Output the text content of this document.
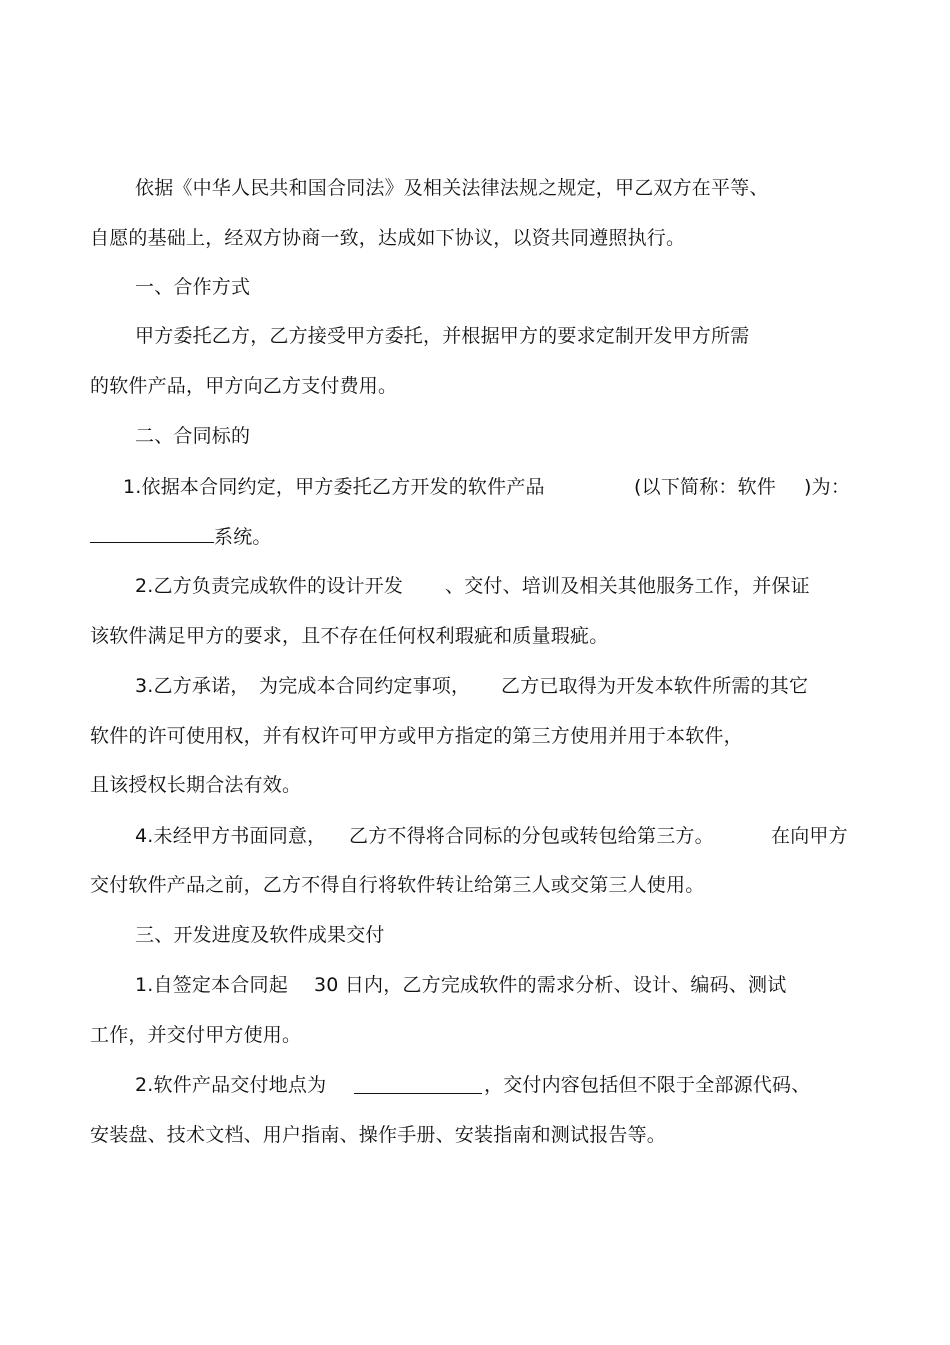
依据《中华人民共和国合同法》及相关法律法规之规定，甲乙双方在平等、
自愿的基础上，经双方协商一致，达成如下协议，以资共同遵照执行。
一、合作方式
甲方委托乙方，乙方接受甲方委托，并根据甲方的要求定制开发甲方所需
的软件产品，甲方向乙方支付费用。
二、合同标的
1.依据本合同约定，甲方委托乙方开发的软件产品	(以下简称：软件 )为：
系统。
2.乙方负责完成软件的设计开发 、交付、培训及相关其他服务工作，并保证
该软件满足甲方的要求，且不存在任何权利瑕疵和质量瑕疵。
3.乙方承诺， 为完成本合同约定事项， 乙方已取得为开发本软件所需的其它
软件的许可使用权，并有权许可甲方或甲方指定的第三方使用并用于本软件，
且该授权长期合法有效。
4.未经甲方书面同意， 乙方不得将合同标的分包或转包给第三方。	在向甲方
交付软件产品之前，乙方不得自行将软件转让给第三人或交第三人使用。
三、开发进度及软件成果交付
1.自签定本合同起 30 日内，乙方完成软件的需求分析、设计、编码、测试
工作，并交付甲方使用。
2.软件产品交付地点为	，交付内容包括但不限于全部源代码、
安装盘、技术文档、用户指南、操作手册、安装指南和测试报告等。
